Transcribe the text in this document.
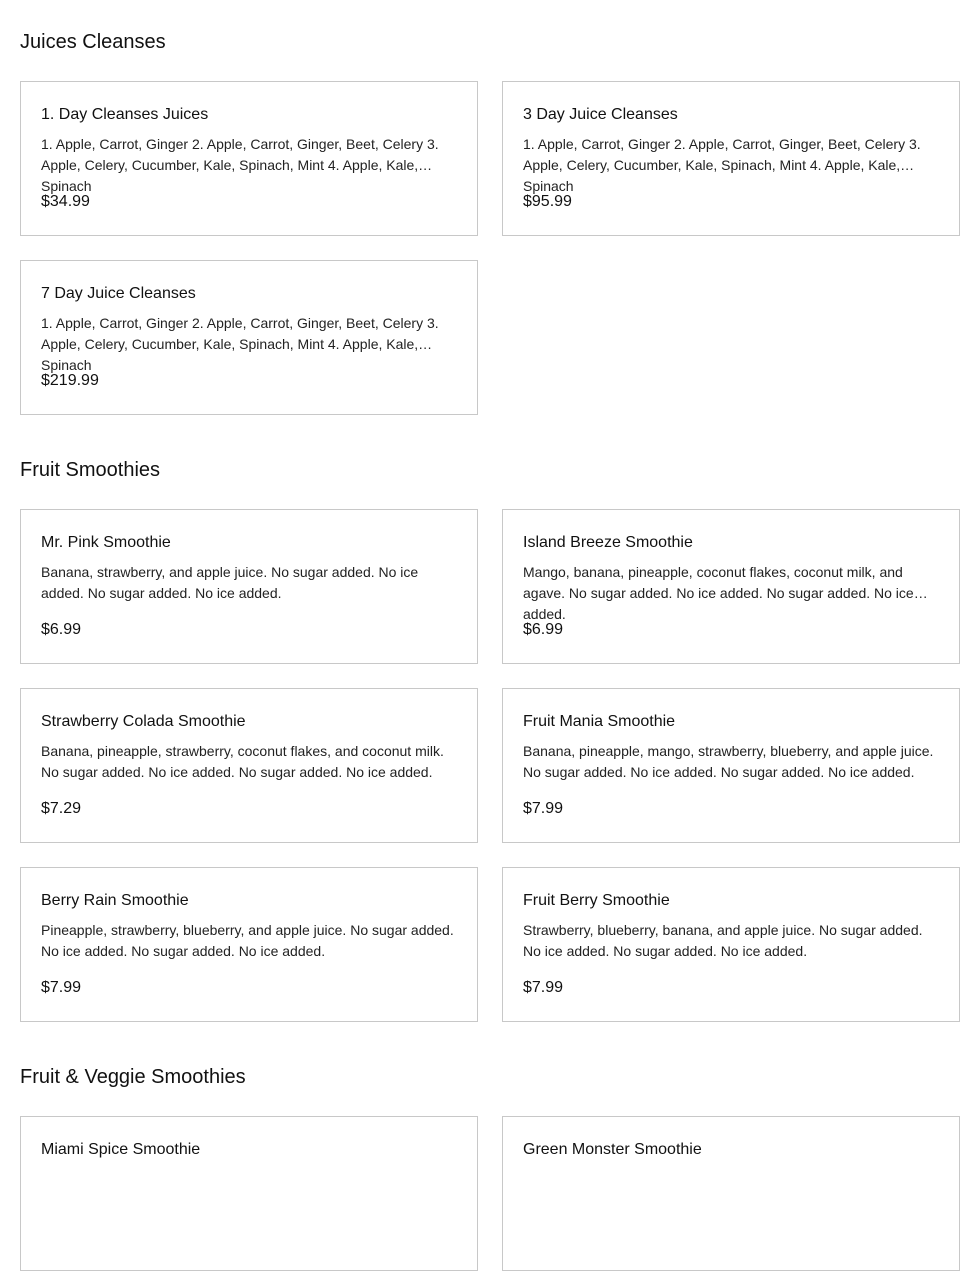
Juices Cleanses
1. Day Cleanses Juices
1. Apple, Carrot, Ginger 2. Apple, Carrot, Ginger, Beet, Celery 3. Apple, Celery, Cucumber, Kale, Spinach, Mint 4. Apple, Kale, Spinach
$34.99
3 Day Juice Cleanses
1. Apple, Carrot, Ginger 2. Apple, Carrot, Ginger, Beet, Celery 3. Apple, Celery, Cucumber, Kale, Spinach, Mint 4. Apple, Kale, Spinach
$95.99
7 Day Juice Cleanses
1. Apple, Carrot, Ginger 2. Apple, Carrot, Ginger, Beet, Celery 3. Apple, Celery, Cucumber, Kale, Spinach, Mint 4. Apple, Kale, Spinach
$219.99
Fruit Smoothies
Mr. Pink Smoothie
Banana, strawberry, and apple juice. No sugar added. No ice added. No sugar added. No ice added.
$6.99
Island Breeze Smoothie
Mango, banana, pineapple, coconut flakes, coconut milk, and agave. No sugar added. No ice added. No sugar added. No ice added.
$6.99
Strawberry Colada Smoothie
Banana, pineapple, strawberry, coconut flakes, and coconut milk. No sugar added. No ice added. No sugar added. No ice added.
$7.29
Fruit Mania Smoothie
Banana, pineapple, mango, strawberry, blueberry, and apple juice. No sugar added. No ice added. No sugar added. No ice added.
$7.99
Berry Rain Smoothie
Pineapple, strawberry, blueberry, and apple juice. No sugar added. No ice added. No sugar added. No ice added.
$7.99
Fruit Berry Smoothie
Strawberry, blueberry, banana, and apple juice. No sugar added. No ice added. No sugar added. No ice added.
$7.99
Fruit & Veggie Smoothies
Miami Spice Smoothie	Green Monster Smoothie
